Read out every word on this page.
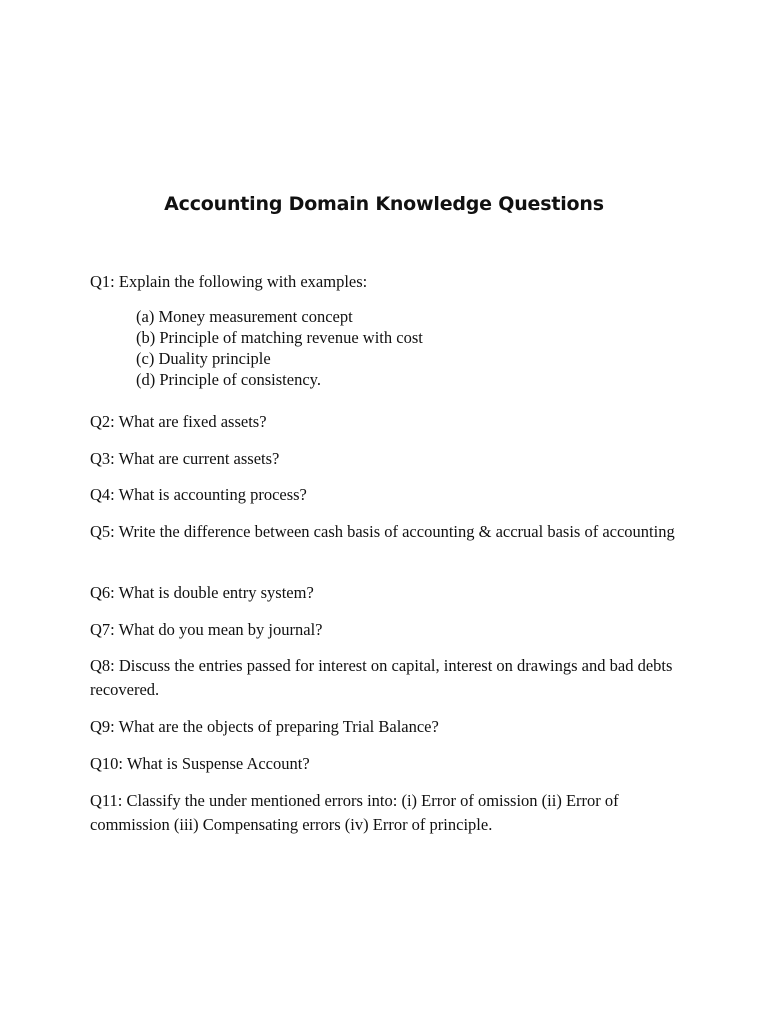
Accounting Domain Knowledge Questions

Q1: Explain the following with examples:

(a) Money measurement concept
(b) Principle of matching revenue with cost
(c) Duality principle
(d) Principle of consistency.

Q2: What are fixed assets?

Q3: What are current assets?

Q4: What is accounting process?

Q5: Write the difference between cash basis of accounting & accrual basis of accounting

Q6: What is double entry system?

Q7: What do you mean by journal?

Q8: Discuss the entries passed for interest on capital, interest on drawings and bad debts recovered.

Q9: What are the objects of preparing Trial Balance?

Q10: What is Suspense Account?

Q11: Classify the under mentioned errors into: (i) Error of omission (ii) Error of commission (iii) Compensating errors (iv) Error of principle.
